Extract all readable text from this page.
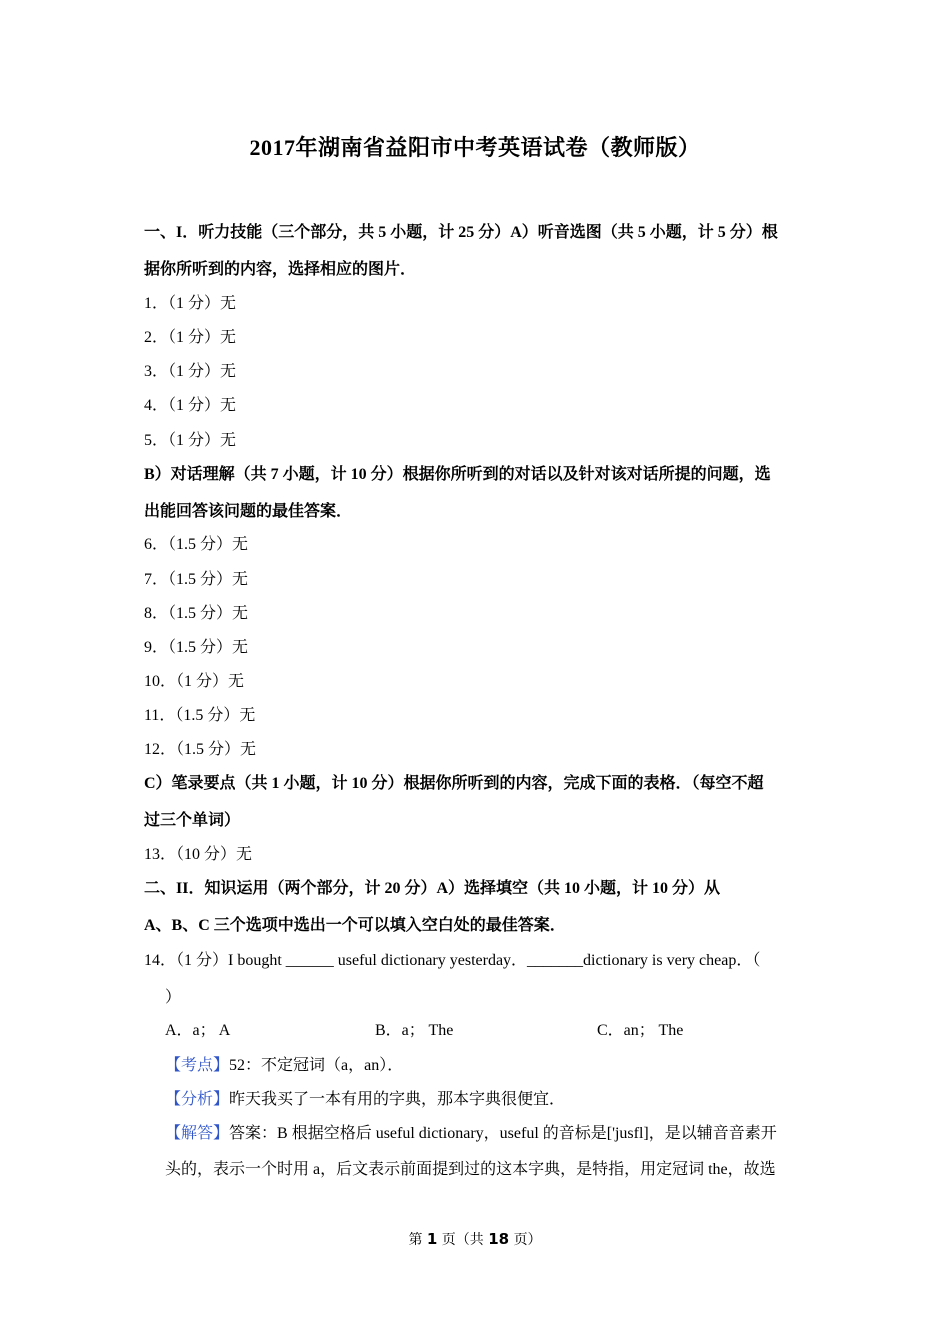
2017年湖南省益阳市中考英语试卷（教师版）
一、I．听力技能（三个部分，共 5 小题，计 25 分）A）听音选图（共 5 小题，计 5 分）根
据你所听到的内容，选择相应的图片．
1．（1 分）无
2．（1 分）无
3．（1 分）无
4．（1 分）无
5．（1 分）无
B）对话理解（共 7 小题，计 10 分）根据你所听到的对话以及针对该对话所提的问题，选
出能回答该问题的最佳答案．
6．（1.5 分）无
7．（1.5 分）无
8．（1.5 分）无
9．（1.5 分）无
10．（1 分）无
11．（1.5 分）无
12．（1.5 分）无
C）笔录要点（共 1 小题，计 10 分）根据你所听到的内容，完成下面的表格．（每空不超
过三个单词）
13．（10 分）无
二、II．知识运用（两个部分，计 20 分）A）选择填空（共 10 小题，计 10 分）从
A、B、C 三个选项中选出一个可以填入空白处的最佳答案．
14．（1 分）I bought ______ useful dictionary yesterday．_______dictionary is very cheap．（
）
A．a； A	B．a； The	C．an； The
【考点】52：不定冠词（a，an）．
【分析】昨天我买了一本有用的字典，那本字典很便宜．
【解答】答案：B 根据空格后 useful dictionary，useful 的音标是['jusfl]，是以辅音音素开
头的，表示一个时用 a，后文表示前面提到过的这本字典，是特指，用定冠词 the，故选
第 1 页（共 18 页）
